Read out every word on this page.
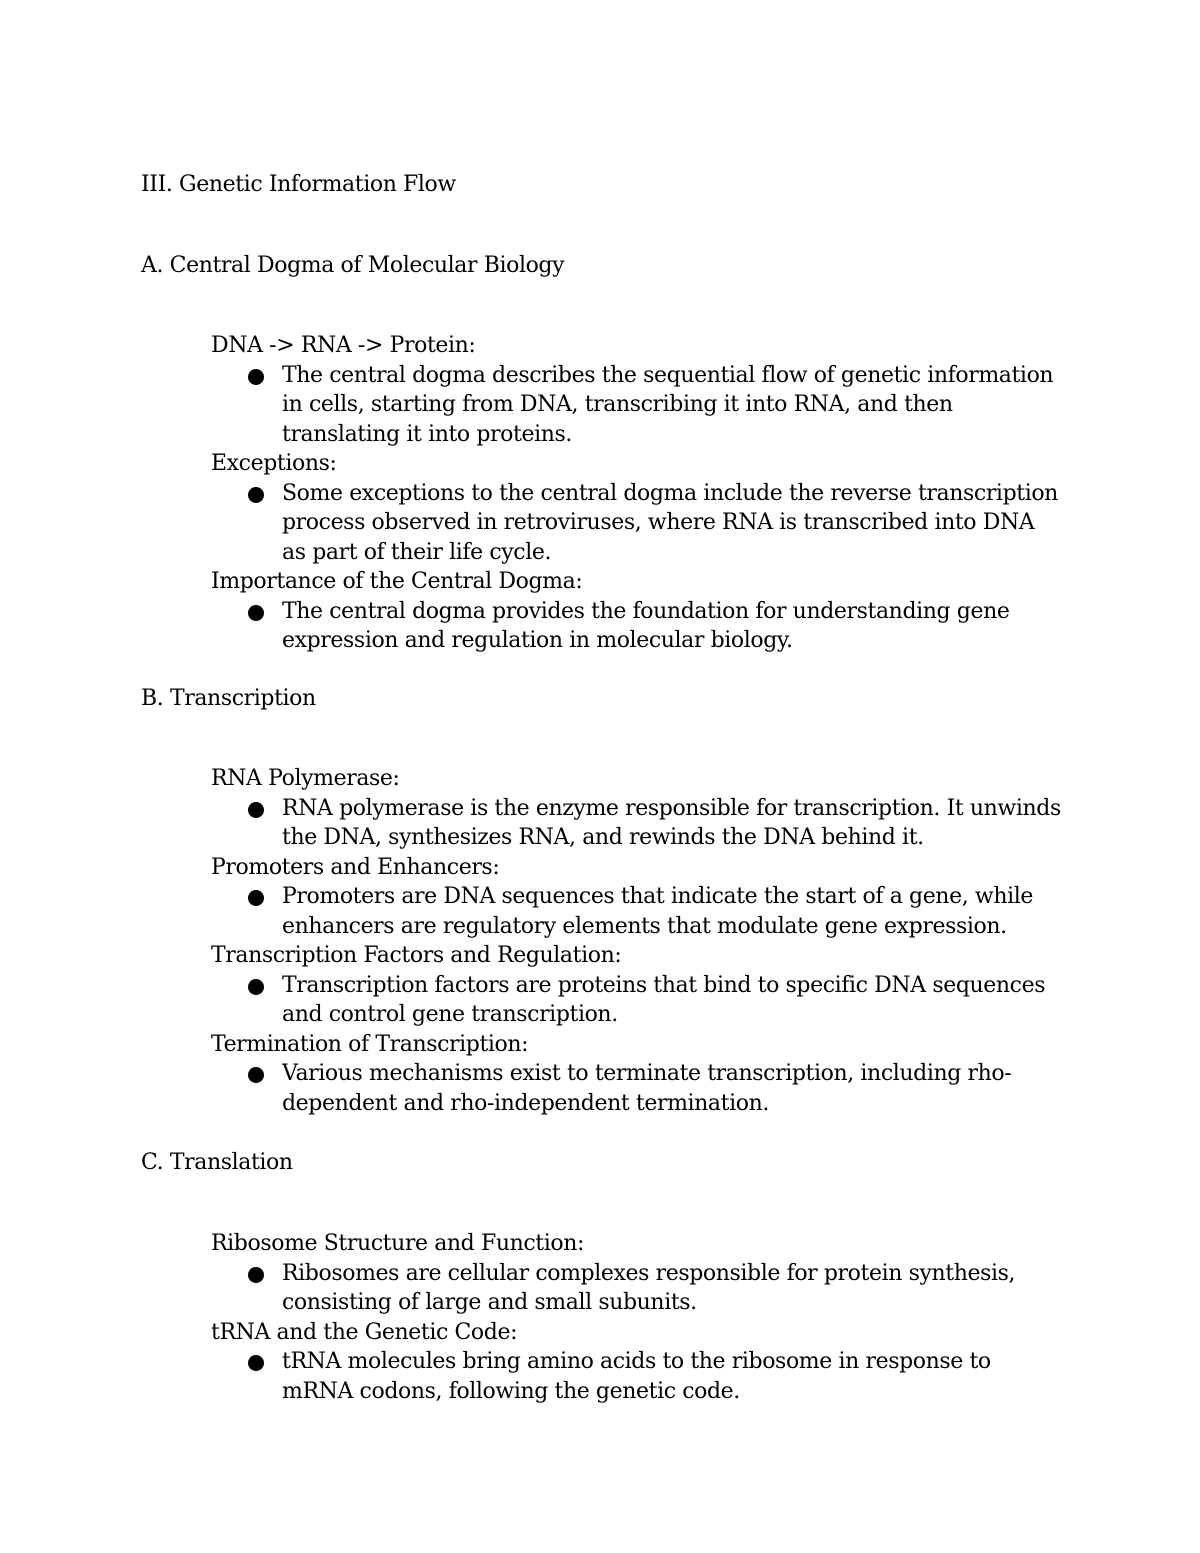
III. Genetic Information Flow
A. Central Dogma of Molecular Biology
DNA -> RNA -> Protein:
The central dogma describes the sequential flow of genetic information in cells, starting from DNA, transcribing it into RNA, and then translating it into proteins.
Exceptions:
Some exceptions to the central dogma include the reverse transcription process observed in retroviruses, where RNA is transcribed into DNA as part of their life cycle.
Importance of the Central Dogma:
The central dogma provides the foundation for understanding gene expression and regulation in molecular biology.
B. Transcription
RNA Polymerase:
RNA polymerase is the enzyme responsible for transcription. It unwinds the DNA, synthesizes RNA, and rewinds the DNA behind it.
Promoters and Enhancers:
Promoters are DNA sequences that indicate the start of a gene, while enhancers are regulatory elements that modulate gene expression.
Transcription Factors and Regulation:
Transcription factors are proteins that bind to specific DNA sequences and control gene transcription.
Termination of Transcription:
Various mechanisms exist to terminate transcription, including rho-dependent and rho-independent termination.
C. Translation
Ribosome Structure and Function:
Ribosomes are cellular complexes responsible for protein synthesis, consisting of large and small subunits.
tRNA and the Genetic Code:
tRNA molecules bring amino acids to the ribosome in response to mRNA codons, following the genetic code.
